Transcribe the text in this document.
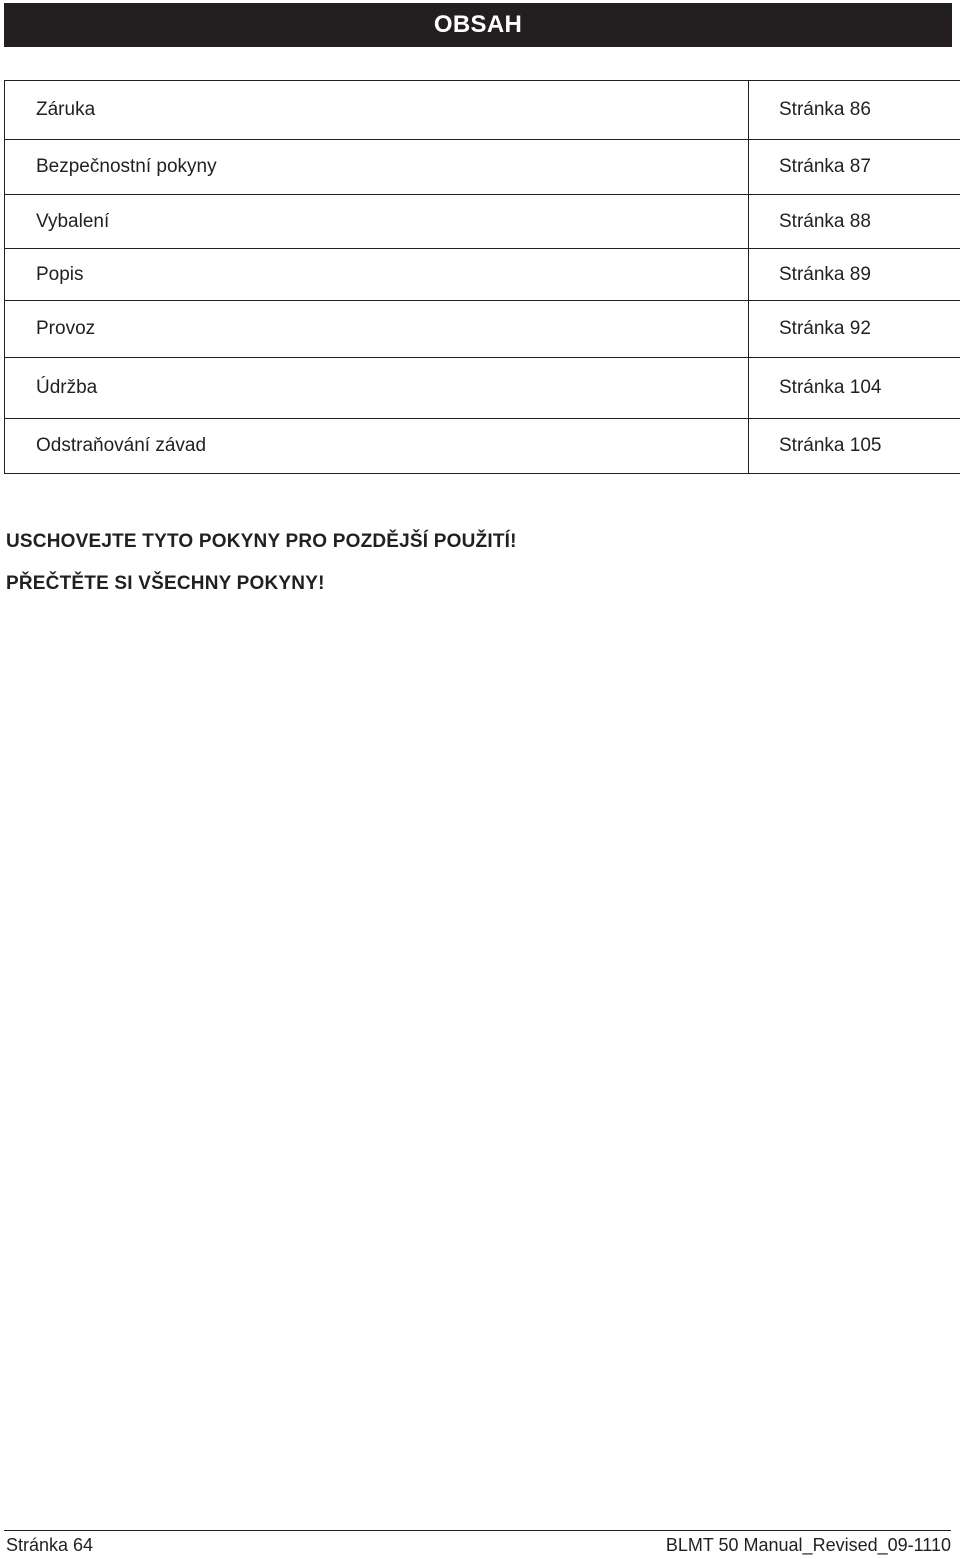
OBSAH
Záruka	Stránka 86
Bezpečnostní pokyny	Stránka 87
Vybalení	Stránka 88
Popis	Stránka 89
Provoz	Stránka 92
Údržba	Stránka 104
Odstraňování závad	Stránka 105
USCHOVEJTE TYTO POKYNY PRO POZDĚJŠÍ POUŽITÍ!
PŘEČTĚTE SI VŠECHNY POKYNY!
Stránka 64	BLMT 50 Manual_Revised_09-1110
